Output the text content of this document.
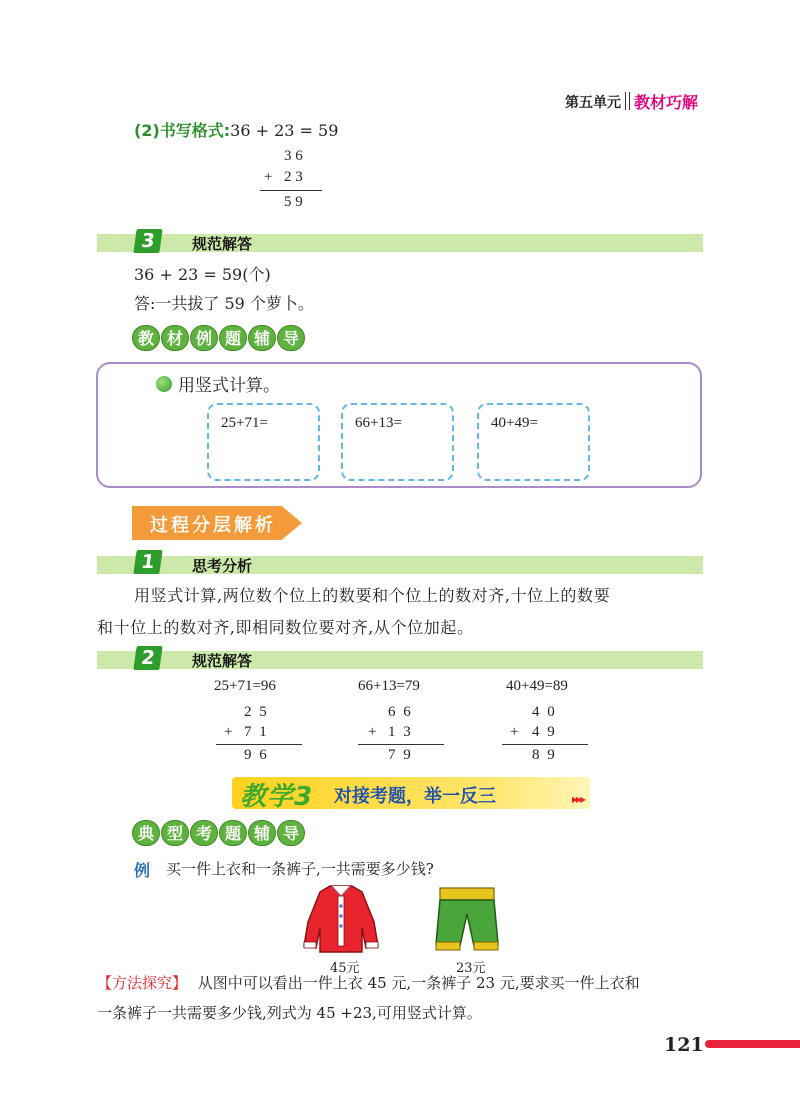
第五单元 教材巧解
(2)书写格式:36 + 23 = 59
3 6
+ 2 3
5 9
3	规范解答
36 + 23 = 59(个)
答:一共拔了 59 个萝卜。
教 材 例 题 辅 导
用竖式计算。
25+71=	66+13=	40+49=
过程分层解析
1	思考分析
用竖式计算,两位数个位上的数要和个位上的数对齐,十位上的数要
和十位上的数对齐,即相同数位要对齐,从个位加起。
2	规范解答
25+71=96
2 5
+ 7 1
9 6
66+13=79
6 6
+ 1 3
7 9
40+49=89
4 0
+ 4 9
8 9
教学3 对接考题，举一反三	▸▸▸
典 型 考 题 辅 导
例 买一件上衣和一条裤子,一共需要多少钱?
45元	23元
【方法探究】 从图中可以看出一件上衣 45 元,一条裤子 23 元,要求买一件上衣和
一条裤子一共需要多少钱,列式为 45 +23,可用竖式计算。
121
